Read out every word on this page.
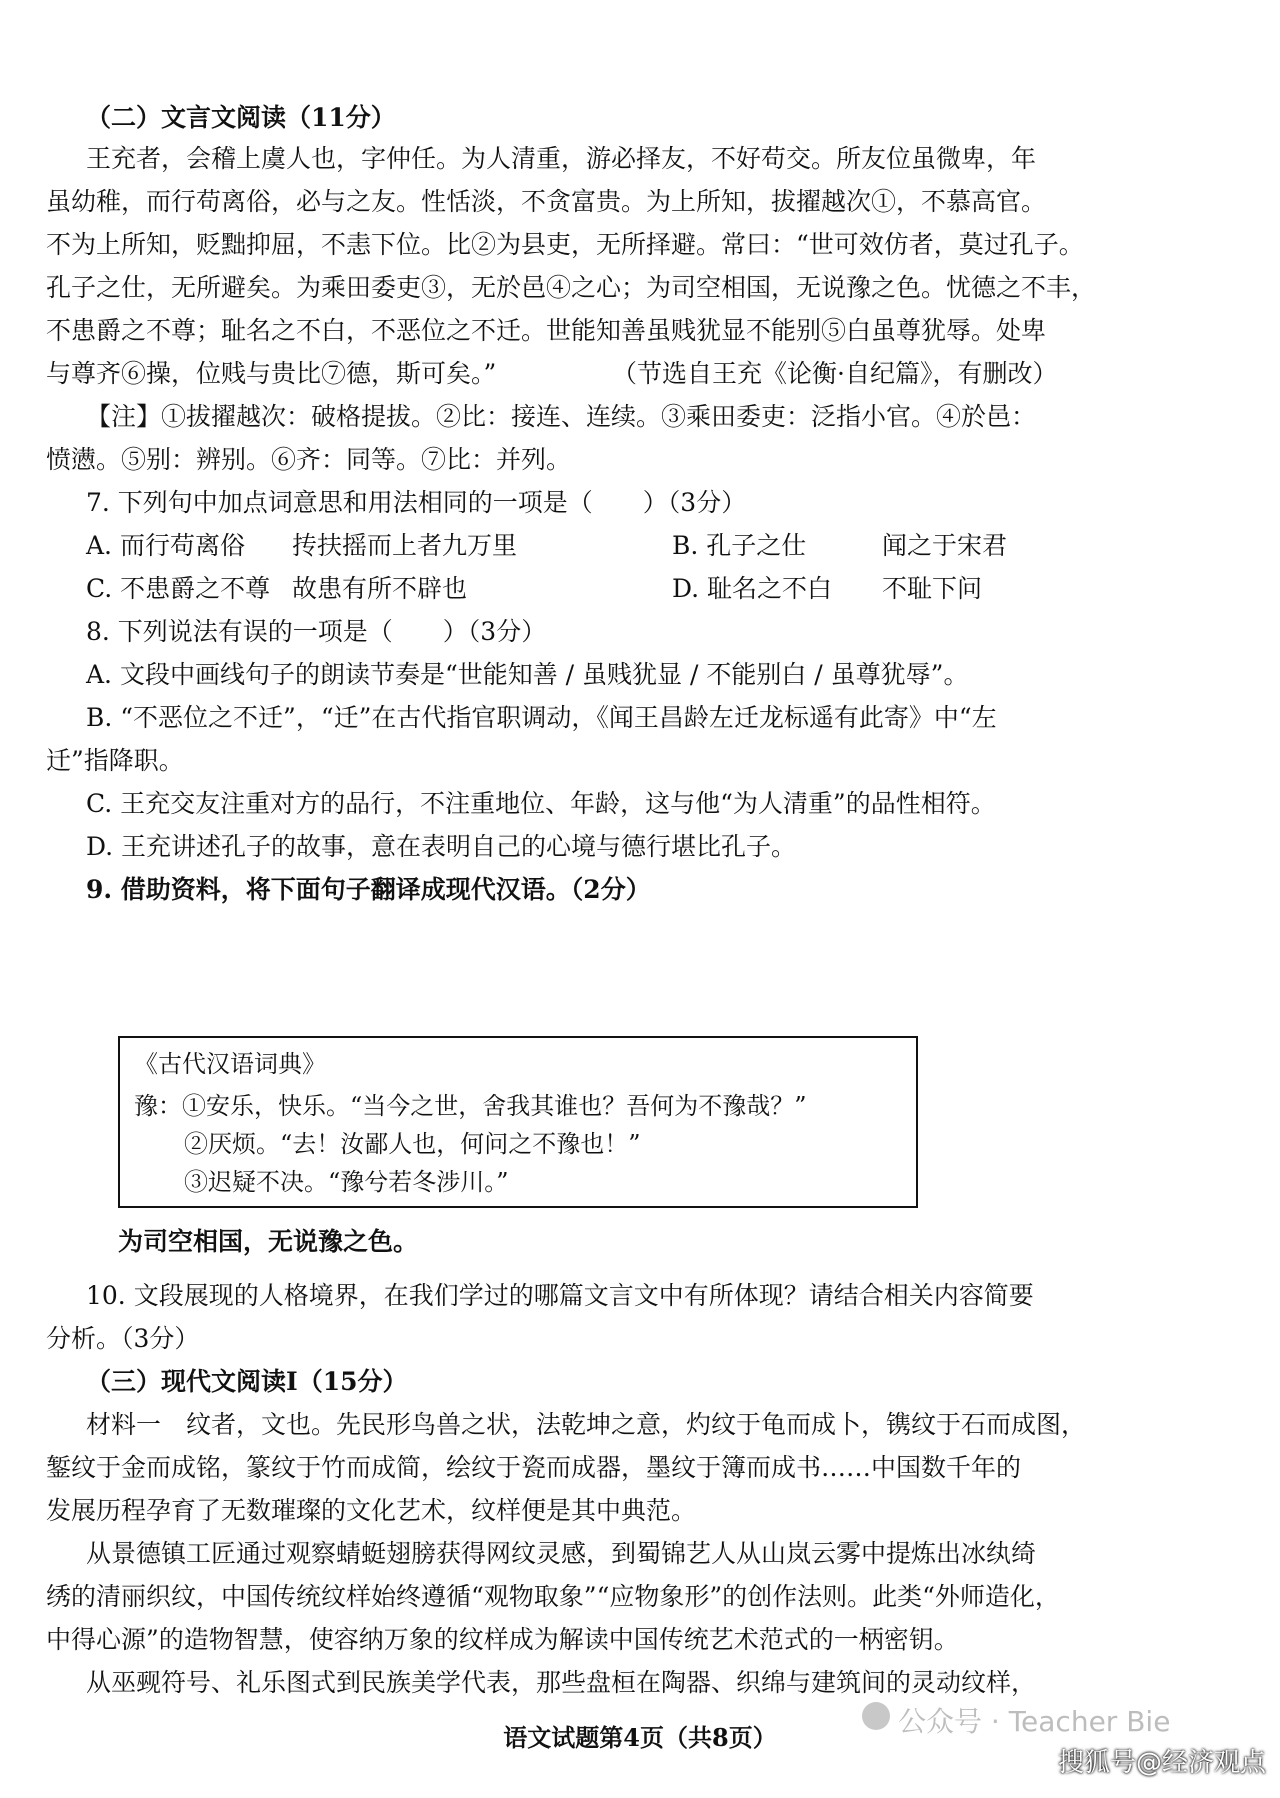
（二）文言文阅读（11分）
王充者，会稽上虞人也，字仲任。为人清重，游必择友，不好苟交。所友位虽微卑，年
虽幼稚，而行苟离俗，必与之友。性恬淡，不贪富贵。为上所知，拔擢越次①，不慕高官。
不为上所知，贬黜抑屈，不恚下位。比②为县吏，无所择避。常曰：“世可效仿者，莫过孔子。
孔子之仕，无所避矣。为乘田委吏③，无於邑④之心；为司空相国，无说豫之色。忧德之不丰，
不患爵之不尊；耻名之不白，不恶位之不迁。世能知善虽贱犹显不能别⑤白虽尊犹辱。处卑
与尊齐⑥操，位贱与贵比⑦德，斯可矣。”	（节选自王充《论衡·自纪篇》，有删改）
【注】①拔擢越次：破格提拔。②比：接连、连续。③乘田委吏：泛指小官。④於邑：
愤懑。⑤别：辨别。⑥齐：同等。⑦比：并列。
7. 下列句中加点词意思和用法相同的一项是（　　）（3分）
A. 而行苟离俗 抟扶摇而上者九万里	B. 孔子之仕	闻之于宋君
C. 不患爵之不尊 故患有所不辟也	D. 耻名之不白 不耻下问
8. 下列说法有误的一项是（　　）（3分）
A. 文段中画线句子的朗读节奏是“世能知善 / 虽贱犹显 / 不能别白 / 虽尊犹辱”。
B. “不恶位之不迁”，“迁”在古代指官职调动，《闻王昌龄左迁龙标遥有此寄》中“左
迁”指降职。
C. 王充交友注重对方的品行，不注重地位、年龄，这与他“为人清重”的品性相符。
D. 王充讲述孔子的故事，意在表明自己的心境与德行堪比孔子。
9. 借助资料，将下面句子翻译成现代汉语。（2分）
《古代汉语词典》
豫：①安乐，快乐。“当今之世，舍我其谁也？吾何为不豫哉？”
②厌烦。“去！汝鄙人也，何问之不豫也！”
③迟疑不决。“豫兮若冬涉川。”
为司空相国，无说豫之色。
10. 文段展现的人格境界，在我们学过的哪篇文言文中有所体现？请结合相关内容简要
分析。（3分）
（三）现代文阅读Ⅰ（15分）
材料一　纹者，文也。先民形鸟兽之状，法乾坤之意，灼纹于龟而成卜，镌纹于石而成图，
錾纹于金而成铭，篆纹于竹而成简，绘纹于瓷而成器，墨纹于簿而成书……中国数千年的
发展历程孕育了无数璀璨的文化艺术，纹样便是其中典范。
从景德镇工匠通过观察蜻蜓翅膀获得网纹灵感，到蜀锦艺人从山岚云雾中提炼出冰纨绮
绣的清丽织纹，中国传统纹样始终遵循“观物取象”“应物象形”的创作法则。此类“外师造化，
中得心源”的造物智慧，使容纳万象的纹样成为解读中国传统艺术范式的一柄密钥。
从巫觋符号、礼乐图式到民族美学代表，那些盘桓在陶器、织绵与建筑间的灵动纹样，
语文试题第4页（共8页）	公众号 · Teacher Bie
搜狐号@经济观点
